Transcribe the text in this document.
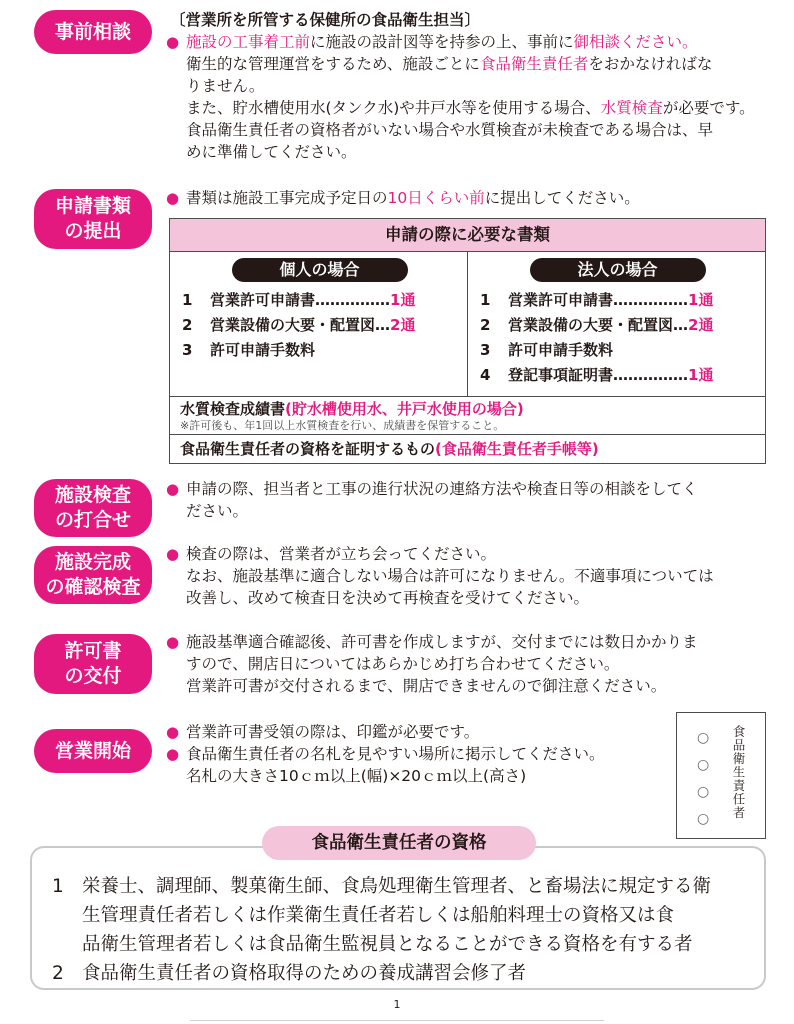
事前相談
〔営業所を所管する保健所の食品衛生担当〕
● 施設の工事着工前に施設の設計図等を持参の上、事前に御相談ください。
衛生的な管理運営をするため、施設ごとに食品衛生責任者をおかなければな
りません。
また、貯水槽使用水(タンク水)や井戸水等を使用する場合、水質検査が必要です。
食品衛生責任者の資格者がいない場合や水質検査が未検査である場合は、早
めに準備してください。
申請書類
の提出
● 書類は施設工事完成予定日の10日くらい前に提出してください。
申請の際に必要な書類
個人の場合
1	営業許可申請書 …………… 1通
2	営業設備の大要・配置図 … 2通
3	許可申請手数料
法人の場合
1	営業許可申請書 …………… 1通
2	営業設備の大要・配置図 … 2通
3	許可申請手数料
4	登記事項証明書 …………… 1通
水質検査成績書(貯水槽使用水、井戸水使用の場合)
※許可後も、年1回以上水質検査を行い、成績書を保管すること。
食品衛生責任者の資格を証明するもの(食品衛生責任者手帳等)
施設検査
の打合せ
● 申請の際、担当者と工事の進行状況の連絡方法や検査日等の相談をしてく
ださい。
施設完成
の確認検査
● 検査の際は、営業者が立ち会ってください。
なお、施設基準に適合しない場合は許可になりません。不適事項については
改善し、改めて検査日を決めて再検査を受けてください。
許可書
の交付
● 施設基準適合確認後、許可書を作成しますが、交付までには数日かかりま
すので、開店日についてはあらかじめ打ち合わせてください。
営業許可書が交付されるまで、開店できませんので御注意ください。
営業開始
● 営業許可書受領の際は、印鑑が必要です。
● 食品衛生責任者の名札を見やすい場所に掲示してください。
名札の大きさ10ｃｍ以上(幅)×20ｃｍ以上(高さ)
○
○
○
○	食品衛生責任者
1 栄養士、調理師、製菓衛生師、食鳥処理衛生管理者、と畜場法に規定する衛
生管理責任者若しくは作業衛生責任者若しくは船舶料理士の資格又は食
品衛生管理者若しくは食品衛生監視員となることができる資格を有する者
2 食品衛生責任者の資格取得のための養成講習会修了者
食品衛生責任者の資格
1
